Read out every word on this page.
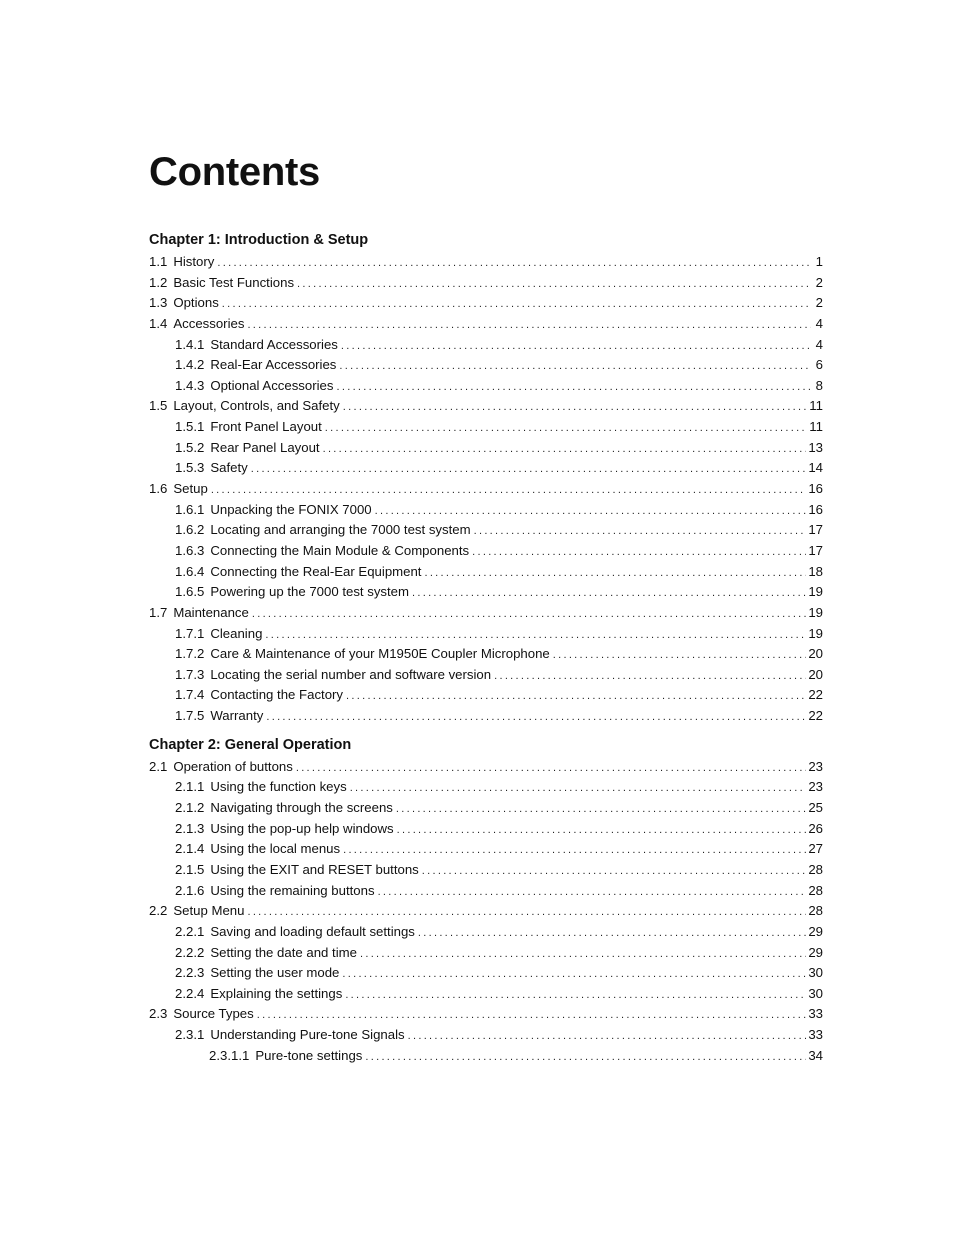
Contents
Chapter 1: Introduction & Setup
1.1 History .....	1
1.2 Basic Test Functions .....	2
1.3 Options .....	2
1.4 Accessories .....	4
1.4.1 Standard Accessories .....	4
1.4.2 Real-Ear Accessories .....	6
1.4.3 Optional Accessories .....	8
1.5 Layout, Controls, and Safety .....	11
1.5.1 Front Panel Layout .....	11
1.5.2 Rear Panel Layout .....	13
1.5.3 Safety .....	14
1.6 Setup .....	16
1.6.1 Unpacking the FONIX 7000 .....	16
1.6.2 Locating and arranging the 7000 test system .....	17
1.6.3 Connecting the Main Module & Components .....	17
1.6.4 Connecting the Real-Ear Equipment .....	18
1.6.5 Powering up the 7000 test system .....	19
1.7 Maintenance .....	19
1.7.1 Cleaning .....	19
1.7.2 Care & Maintenance of your M1950E Coupler Microphone .....	20
1.7.3 Locating the serial number and software version .....	20
1.7.4 Contacting the Factory .....	22
1.7.5 Warranty .....	22
Chapter 2: General Operation
2.1 Operation of buttons .....	23
2.1.1 Using the function keys .....	23
2.1.2 Navigating through the screens .....	25
2.1.3 Using the pop-up help windows .....	26
2.1.4 Using the local menus .....	27
2.1.5 Using the EXIT and RESET buttons .....	28
2.1.6 Using the remaining buttons .....	28
2.2 Setup Menu .....	28
2.2.1 Saving and loading default settings .....	29
2.2.2 Setting the date and time .....	29
2.2.3 Setting the user mode .....	30
2.2.4 Explaining the settings .....	30
2.3 Source Types .....	33
2.3.1 Understanding Pure-tone Signals .....	33
2.3.1.1 Pure-tone settings .....	34
